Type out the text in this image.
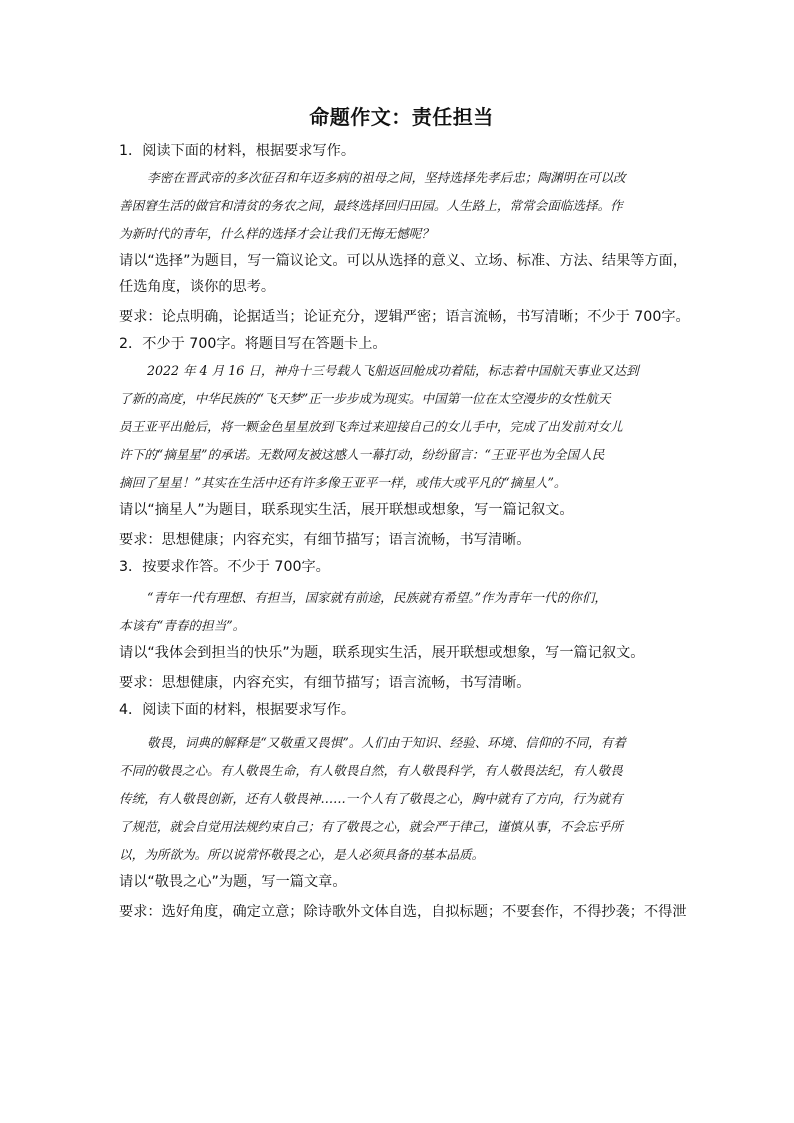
命题作文：责任担当

1．阅读下面的材料，根据要求写作。

李密在晋武帝的多次征召和年迈多病的祖母之间，坚持选择先孝后忠；陶渊明在可以改
善困窘生活的做官和清贫的务农之间，最终选择回归田园。人生路上，常常会面临选择。作
为新时代的青年，什么样的选择才会让我们无悔无憾呢？
请以“选择”为题目，写一篇议论文。可以从选择的意义、立场、标准、方法、结果等方面，
任选角度，谈你的思考。

要求：论点明确，论据适当；论证充分，逻辑严密；语言流畅，书写清晰；不少于 700字。

2．不少于 700字。将题目写在答题卡上。

2022 年 4 月 16 日，神舟十三号载人飞船返回舱成功着陆，标志着中国航天事业又达到
了新的高度，中华民族的“飞天梦”正一步步成为现实。中国第一位在太空漫步的女性航天
员王亚平出舱后，将一颗金色星星放到飞奔过来迎接自己的女儿手中，完成了出发前对女儿
许下的“摘星星”的承诺。无数网友被这感人一幕打动，纷纷留言：“王亚平也为全国人民
摘回了星星！”其实在生活中还有许多像王亚平一样，或伟大或平凡的“摘星人”。
请以“摘星人”为题目，联系现实生活，展开联想或想象，写一篇记叙文。

要求：思想健康；内容充实，有细节描写；语言流畅，书写清晰。

3．按要求作答。不少于 700字。

“青年一代有理想、有担当，国家就有前途，民族就有希望。”作为青年一代的你们，
本该有“青春的担当”。
请以“我体会到担当的快乐”为题，联系现实生活，展开联想或想象，写一篇记叙文。

要求：思想健康，内容充实，有细节描写；语言流畅，书写清晰。

4．阅读下面的材料，根据要求写作。

敬畏，词典的解释是“又敬重又畏惧”。人们由于知识、经验、环境、信仰的不同，有着
不同的敬畏之心。有人敬畏生命，有人敬畏自然，有人敬畏科学，有人敬畏法纪，有人敬畏
传统，有人敬畏创新，还有人敬畏神……一个人有了敬畏之心，胸中就有了方向，行为就有
了规范，就会自觉用法规约束自己；有了敬畏之心，就会严于律己，谨慎从事，不会忘乎所
以，为所欲为。所以说常怀敬畏之心，是人必须具备的基本品质。
请以“敬畏之心”为题，写一篇文章。

要求：选好角度，确定立意；除诗歌外文体自选，自拟标题；不要套作，不得抄袭；不得泄
